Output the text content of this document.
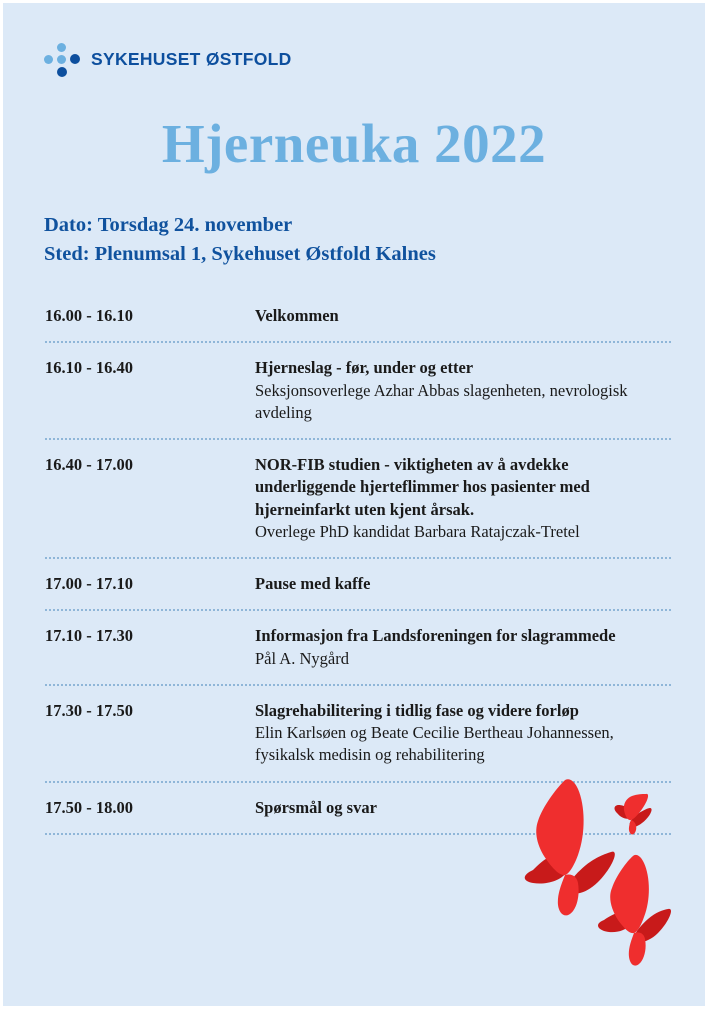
SYKEHUSET ØSTFOLD
Hjerneuka 2022
Dato: Torsdag 24. november
Sted: Plenumsal 1, Sykehuset Østfold Kalnes
16.00 - 16.10	Velkommen
16.10 - 16.40	Hjerneslag - før, under og etter
Seksjonsoverlege Azhar Abbas slagenheten, nevrologisk avdeling
16.40 - 17.00	NOR-FIB studien - viktigheten av å avdekke underliggende hjerteflimmer hos pasienter med hjerneinfarkt uten kjent årsak.
Overlege PhD kandidat Barbara Ratajczak-Tretel
17.00 - 17.10	Pause med kaffe
17.10 - 17.30	Informasjon fra Landsforeningen for slagrammede
Pål A. Nygård
17.30 - 17.50	Slagrehabilitering i tidlig fase og videre forløp
Elin Karlsøen og Beate Cecilie Bertheau Johannessen, fysikalsk medisin og rehabilitering
17.50 - 18.00	Spørsmål og svar
